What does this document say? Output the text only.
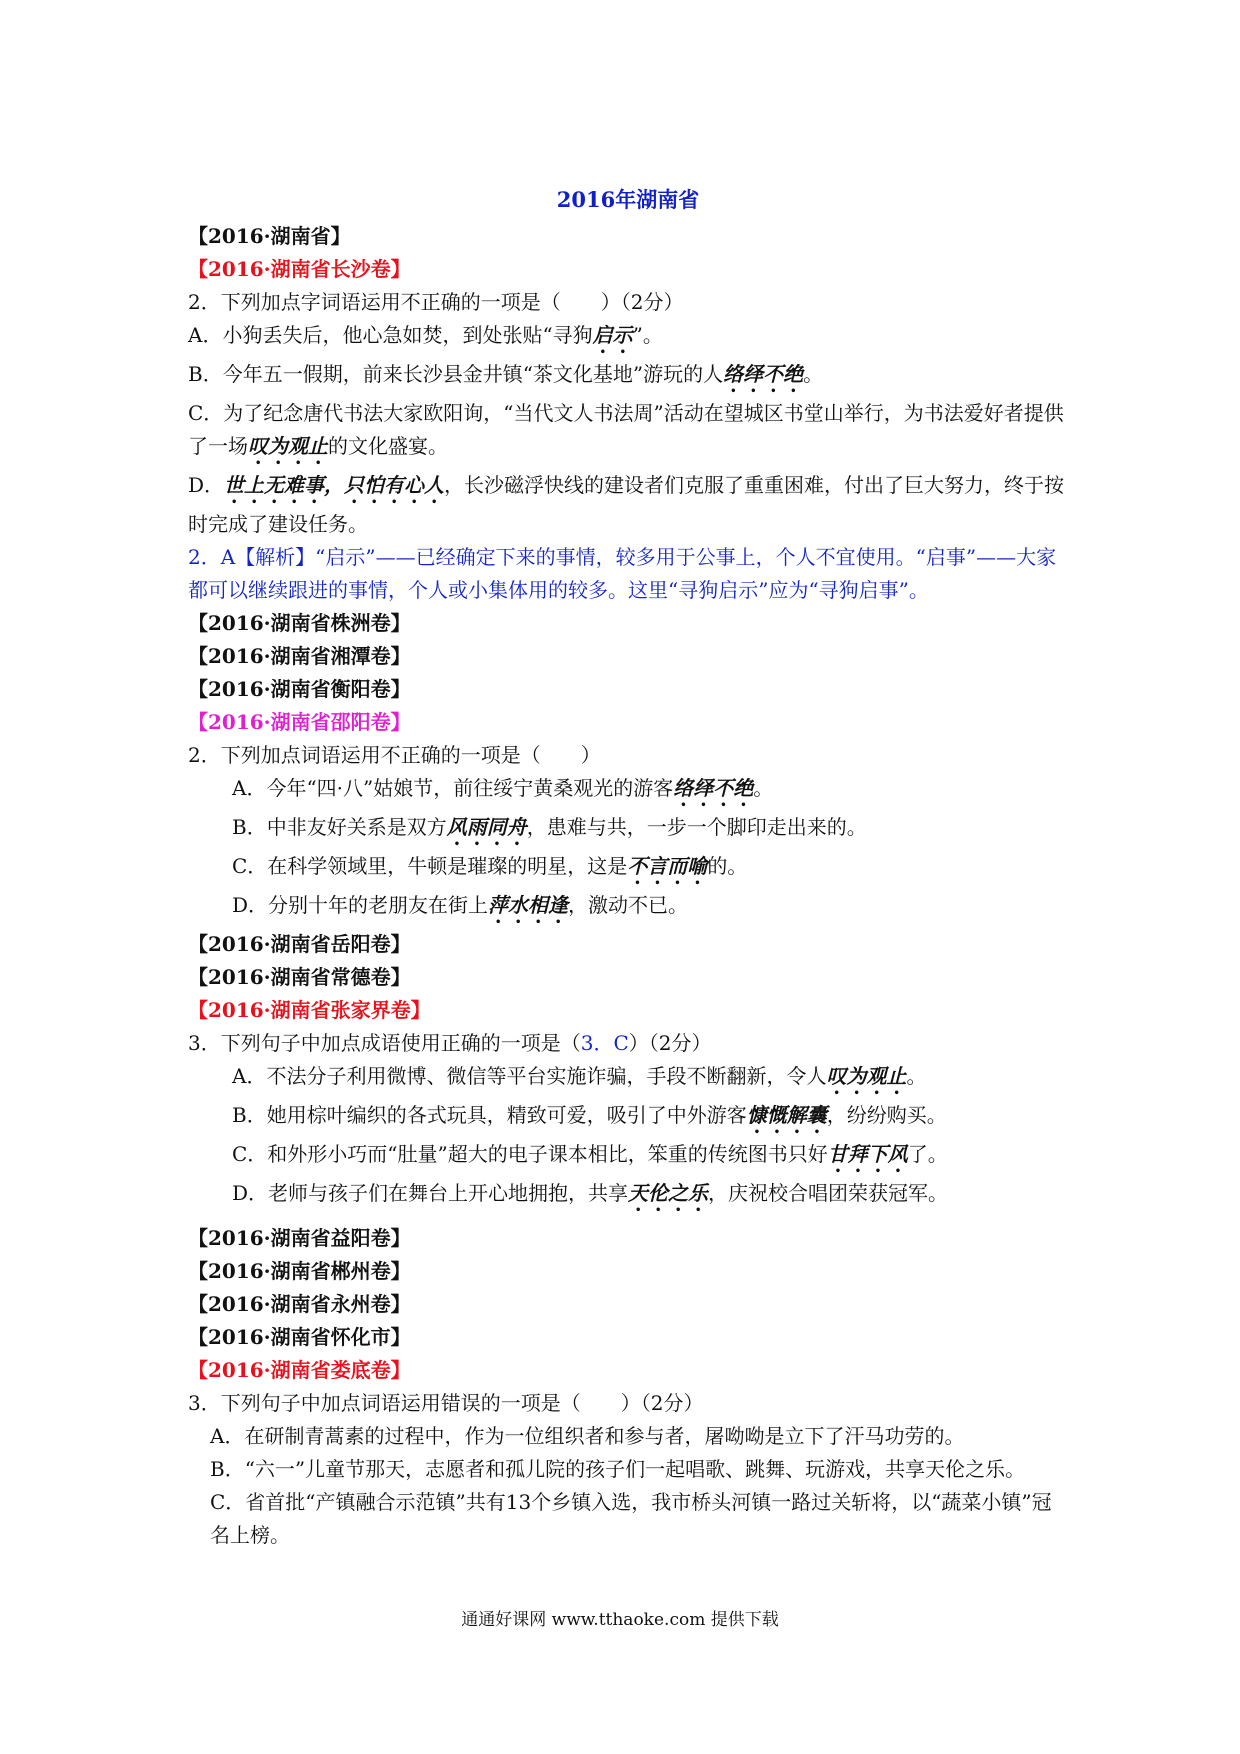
2016年湖南省
【2016·湖南省】
【2016·湖南省长沙卷】
2．下列加点字词语运用不正确的一项是（　　）（2分）
A．小狗丢失后，他心急如焚，到处张贴“寻狗启示”。
B．今年五一假期，前来长沙县金井镇“茶文化基地”游玩的人络绎不绝。
C．为了纪念唐代书法大家欧阳询，“当代文人书法周”活动在望城区书堂山举行，为书法爱好者提供了一场叹为观止的文化盛宴。
D．世上无难事，只怕有心人，长沙磁浮快线的建设者们克服了重重困难，付出了巨大努力，终于按时完成了建设任务。
2．A【解析】“启示”——已经确定下来的事情，较多用于公事上，个人不宜使用。“启事”——大家都可以继续跟进的事情，个人或小集体用的较多。这里“寻狗启示”应为“寻狗启事”。
【2016·湖南省株洲卷】
【2016·湖南省湘潭卷】
【2016·湖南省衡阳卷】
【2016·湖南省邵阳卷】
2．下列加点词语运用不正确的一项是（　　）
A．今年“四·八”姑娘节，前往绥宁黄桑观光的游客络绎不绝。
B．中非友好关系是双方风雨同舟，患难与共，一步一个脚印走出来的。
C．在科学领域里，牛顿是璀璨的明星，这是不言而喻的。
D．分别十年的老朋友在街上萍水相逢，激动不已。
【2016·湖南省岳阳卷】
【2016·湖南省常德卷】
【2016·湖南省张家界卷】
3．下列句子中加点成语使用正确的一项是（3．C）（2分）
A．不法分子利用微博、微信等平台实施诈骗，手段不断翻新，令人叹为观止。
B．她用棕叶编织的各式玩具，精致可爱，吸引了中外游客慷慨解囊，纷纷购买。
C．和外形小巧而“肚量”超大的电子课本相比，笨重的传统图书只好甘拜下风了。
D．老师与孩子们在舞台上开心地拥抱，共享天伦之乐，庆祝校合唱团荣获冠军。
【2016·湖南省益阳卷】
【2016·湖南省郴州卷】
【2016·湖南省永州卷】
【2016·湖南省怀化市】
【2016·湖南省娄底卷】
3．下列句子中加点词语运用错误的一项是（　　）（2分）
A．在研制青蒿素的过程中，作为一位组织者和参与者，屠呦呦是立下了汗马功劳的。
B．“六一”儿童节那天，志愿者和孤儿院的孩子们一起唱歌、跳舞、玩游戏，共享天伦之乐。
C．省首批“产镇融合示范镇”共有13个乡镇入选，我市桥头河镇一路过关斩将，以“蔬菜小镇”冠名上榜。
通通好课网 www.tthaoke.com 提供下载
